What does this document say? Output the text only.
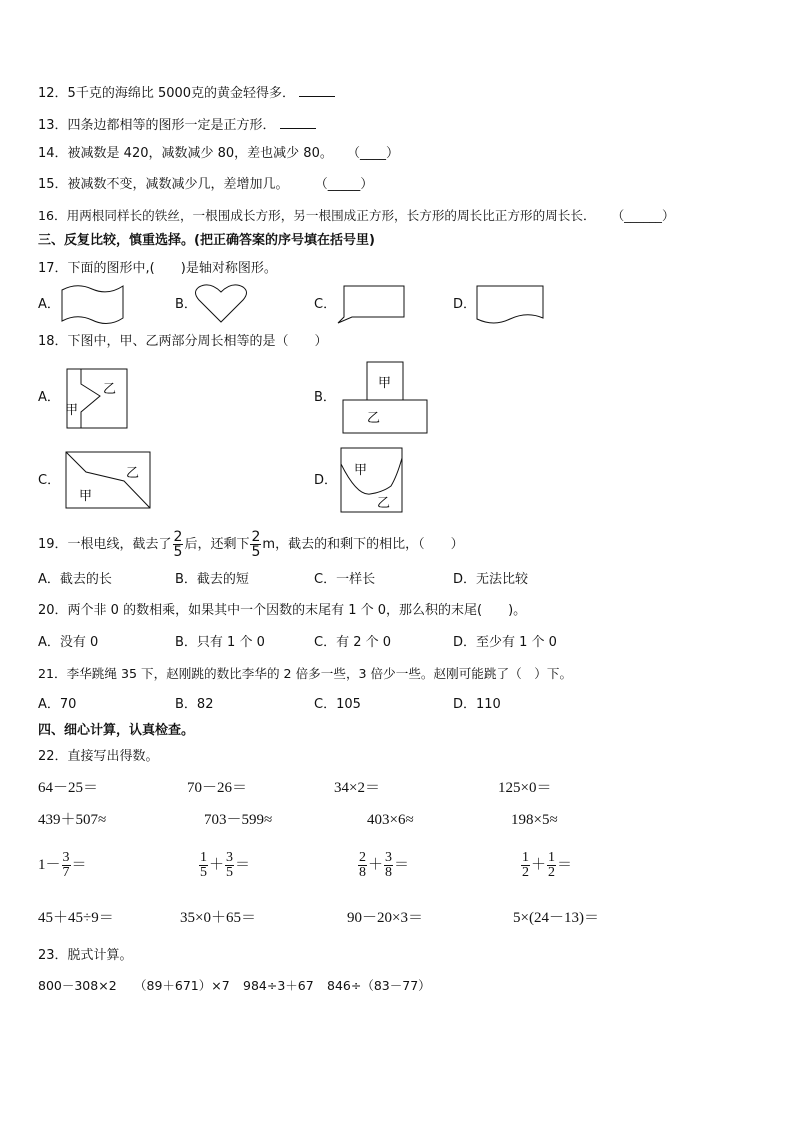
12．5千克的海绵比 5000克的黄金轻得多．
13．四条边都相等的图形一定是正方形．
14．被减数是 420，减数减少 80，差也减少 80。 （____）
15．被减数不变，减数减少几，差增加几。 （_____）
16．用两根同样长的铁丝，一根围成长方形，另一根围成正方形，长方形的周长比正方形的周长长． （______）
三、反复比较，慎重选择。(把正确答案的序号填在括号里)
17．下面的图形中,(　　)是轴对称图形。
A．	B．	C．	D．
18．下图中，甲、乙两部分周长相等的是（　　）
A．	B．
C．	D．
甲
乙	甲
乙
甲
乙	甲
乙
19．一根电线，截去了 $\frac{2}{5}$ 后，还剩下 $\frac{2}{5}$ m，截去的和剩下的相比，（　　）
A．截去的长	B．截去的短	C．一样长	D．无法比较
20．两个非 0 的数相乘，如果其中一个因数的末尾有 1 个 0，那么积的末尾(　　)。
A．没有 0	B．只有 1 个 0	C．有 2 个 0	D．至少有 1 个 0
21．李华跳绳 35 下，赵刚跳的数比李华的 2 倍多一些，3 倍少一些。赵刚可能跳了（　）下。
A．70	B．82	C．105	D．110
四、细心计算，认真检查。
22．直接写出得数。
64－25＝	70－26＝	34×2＝	125×0＝
439＋507≈	703－599≈	403×6≈	198×5≈
$1- \frac{3}{7}$ ＝	$\frac{1}{5} + \frac{3}{5}$ ＝	$\frac{2}{8} + \frac{3}{8}$ ＝	$\frac{1}{2} + \frac{1}{2}$ ＝
45＋45÷9＝	35×0＋65＝	90－20×3＝	5×(24－13)＝
23．脱式计算。
800－308×2 （89＋671）×7 984÷3＋67 846÷（83－77）
